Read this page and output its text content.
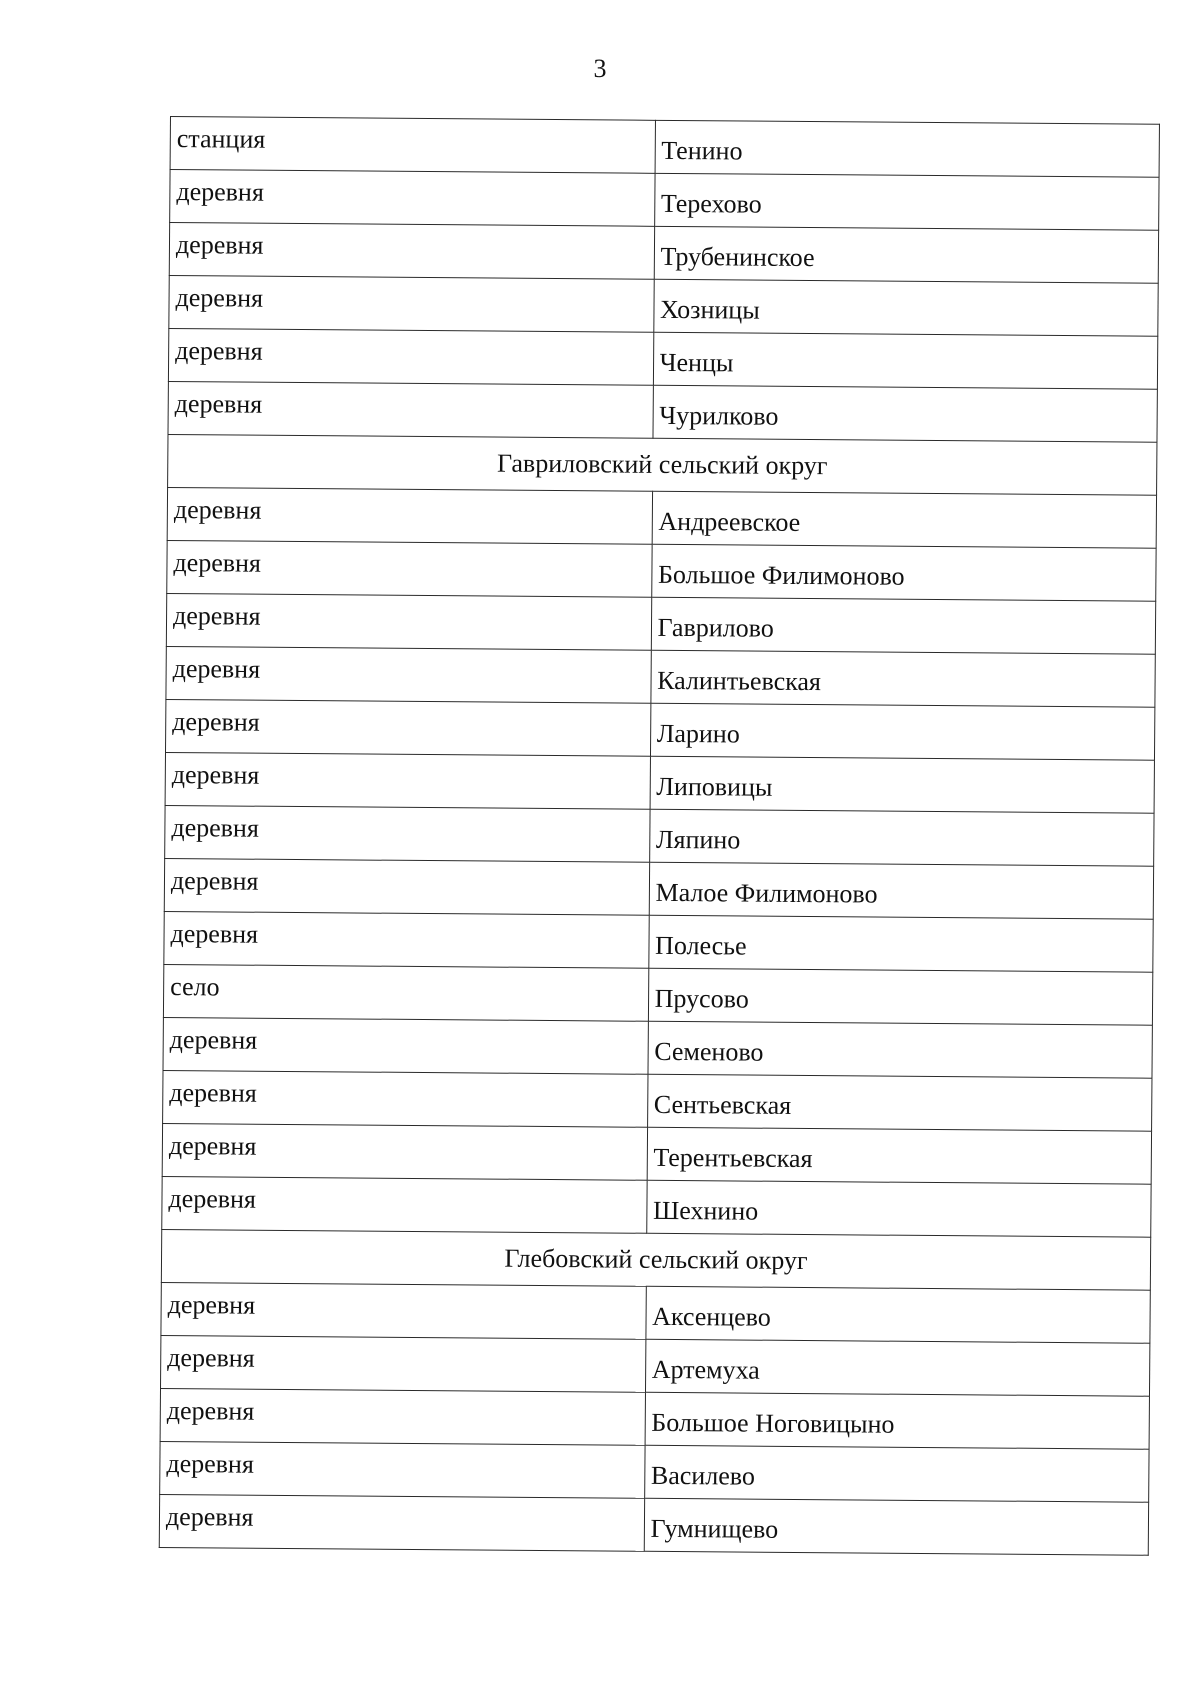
3
станция	Тенино
деревня	Терехово
деревня	Трубенинское
деревня	Хозницы
деревня	Ченцы
деревня	Чурилково
Гавриловский сельский округ	
деревня	Андреевское
деревня	Большое Филимоново
деревня	Гаврилово
деревня	Калинтьевская
деревня	Ларино
деревня	Липовицы
деревня	Ляпино
деревня	Малое Филимоново
деревня	Полесье
село	Прусово
деревня	Семеново
деревня	Сентьевская
деревня	Терентьевская
деревня	Шехнино
Глебовский сельский округ	
деревня	Аксенцево
деревня	Артемуха
деревня	Большое Ноговицыно
деревня	Василево
деревня	Гумнищево
